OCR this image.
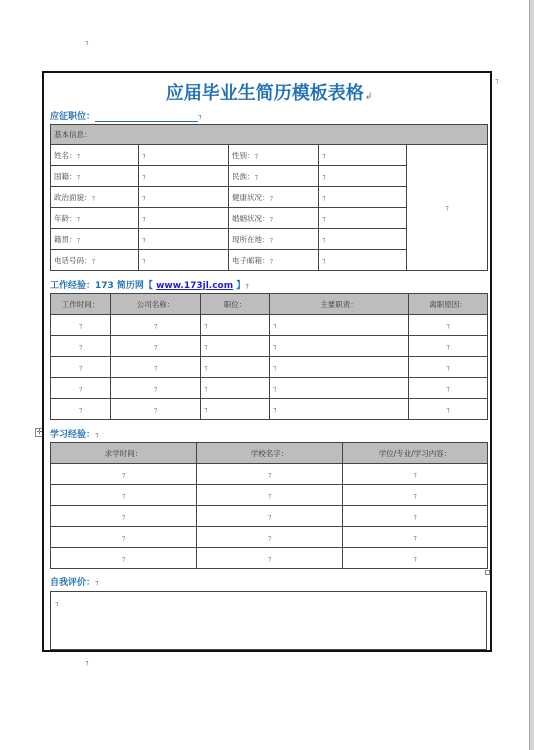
⁊
⁊
⁊
✛
应届毕业生简历模板表格↲
应征职位：	⁊
基本信息：				
姓名：⁊	⁊	性别：⁊	⁊	⁊
国籍：⁊	⁊	民族：⁊	⁊	
政治面貌：⁊	⁊	健康状况：⁊	⁊	
年龄：⁊	⁊	婚姻状况：⁊	⁊	
籍贯：⁊	⁊	现所在地：⁊	⁊	
电话号码：⁊	⁊	电子邮箱：⁊	⁊	
工作经验：173 简历网【 www.173jl.com 】⁊
工作时间：	公司名称：	职位：	主要职责：	离职原因：
⁊	⁊	⁊	⁊	⁊
⁊	⁊	⁊	⁊	⁊
⁊	⁊	⁊	⁊	⁊
⁊	⁊	⁊	⁊	⁊
⁊	⁊	⁊	⁊	⁊
学习经验：⁊
求学时间：	学校名字：	学位/专业/学习内容：
⁊	⁊	⁊
⁊	⁊	⁊
⁊	⁊	⁊
⁊	⁊	⁊
⁊	⁊	⁊
自我评价：⁊
⁊
